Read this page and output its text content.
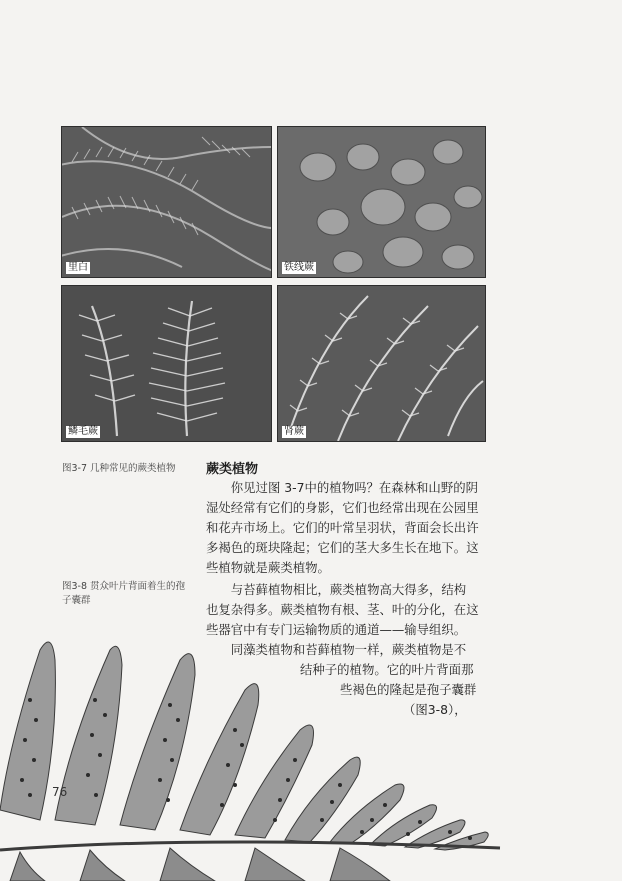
里白	铁线蕨
鳞毛蕨	肾蕨
图3-7 几种常见的蕨类植物
图3-8 贯众叶片背面着生的孢
子囊群
蕨类植物
　　你见过图 3-7中的植物吗？在森林和山野的阴
湿处经常有它们的身影，它们也经常出现在公园里
和花卉市场上。它们的叶常呈羽状，背面会长出许
多褐色的斑块隆起；它们的茎大多生长在地下。这
些植物就是蕨类植物。
　　与苔藓植物相比，蕨类植物高大得多，结构
也复杂得多。蕨类植物有根、茎、叶的分化，在这
些器官中有专门运输物质的通道——输导组织。
　　同藻类植物和苔藓植物一样，蕨类植物是不
结种子的植物。它的叶片背面那
些褐色的隆起是孢子囊群
（图3-8），
76
